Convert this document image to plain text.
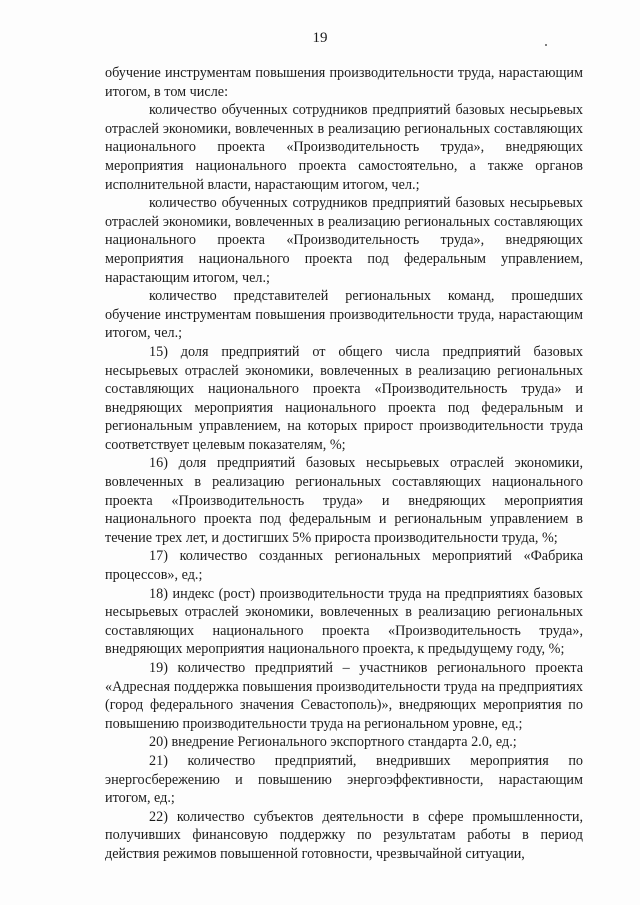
19

обучение инструментам повышения производительности труда, нарастающим итогом, в том числе:

количество обученных сотрудников предприятий базовых несырьевых отраслей экономики, вовлеченных в реализацию региональных составляющих национального проекта «Производительность труда», внедряющих мероприятия национального проекта самостоятельно, а также органов исполнительной власти, нарастающим итогом, чел.;

количество обученных сотрудников предприятий базовых несырьевых отраслей экономики, вовлеченных в реализацию региональных составляющих национального проекта «Производительность труда», внедряющих мероприятия национального проекта под федеральным управлением, нарастающим итогом, чел.;

количество представителей региональных команд, прошедших обучение инструментам повышения производительности труда, нарастающим итогом, чел.;

15) доля предприятий от общего числа предприятий базовых несырьевых отраслей экономики, вовлеченных в реализацию региональных составляющих национального проекта «Производительность труда» и внедряющих мероприятия национального проекта под федеральным и региональным управлением, на которых прирост производительности труда соответствует целевым показателям, %;

16) доля предприятий базовых несырьевых отраслей экономики, вовлеченных в реализацию региональных составляющих национального проекта «Производительность труда» и внедряющих мероприятия национального проекта под федеральным и региональным управлением в течение трех лет, и достигших 5% прироста производительности труда, %;

17) количество созданных региональных мероприятий «Фабрика процессов», ед.;

18) индекс (рост) производительности труда на предприятиях базовых несырьевых отраслей экономики, вовлеченных в реализацию региональных составляющих национального проекта «Производительность труда», внедряющих мероприятия национального проекта, к предыдущему году, %;

19) количество предприятий – участников регионального проекта «Адресная поддержка повышения производительности труда на предприятиях (город федерального значения Севастополь)», внедряющих мероприятия по повышению производительности труда на региональном уровне, ед.;

20) внедрение Регионального экспортного стандарта 2.0, ед.;

21) количество предприятий, внедривших мероприятия по энергосбережению и повышению энергоэффективности, нарастающим итогом, ед.;

22) количество субъектов деятельности в сфере промышленности, получивших финансовую поддержку по результатам работы в период действия режимов повышенной готовности, чрезвычайной ситуации,
